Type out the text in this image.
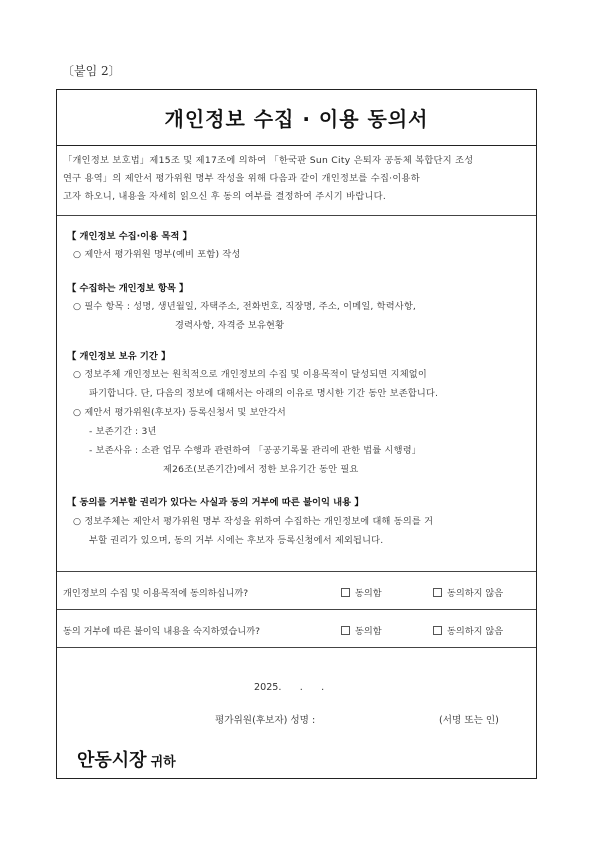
〔붙임 2〕
개인정보 수집 · 이용 동의서
「개인정보 보호법」제15조 및 제17조에 의하여 「한국판 Sun City 은퇴자 공동체 복합단지 조성
연구 용역」의 제안서 평가위원 명부 작성을 위해 다음과 같이 개인정보를 수집·이용하
고자 하오니, 내용을 자세히 읽으신 후 동의 여부를 결정하여 주시기 바랍니다.
【 개인정보 수집·이용 목적 】
○ 제안서 평가위원 명부(예비 포함) 작성
【 수집하는 개인정보 항목 】
○ 필수 항목 : 성명, 생년월일, 자택주소, 전화번호, 직장명, 주소, 이메일, 학력사항,
경력사항, 자격증 보유현황
【 개인정보 보유 기간 】
○ 정보주체 개인정보는 원칙적으로 개인정보의 수집 및 이용목적이 달성되면 지체없이
파기합니다. 단, 다음의 정보에 대해서는 아래의 이유로 명시한 기간 동안 보존합니다.
○ 제안서 평가위원(후보자) 등록신청서 및 보안각서
- 보존기간 : 3년
- 보존사유 : 소관 업무 수행과 관련하여 「공공기록물 관리에 관한 법률 시행령」
제26조(보존기간)에서 정한 보유기간 동안 필요
【 동의를 거부할 권리가 있다는 사실과 동의 거부에 따른 불이익 내용 】
○ 정보주체는 제안서 평가위원 명부 작성을 위하여 수집하는 개인정보에 대해 동의를 거
부할 권리가 있으며, 동의 거부 시에는 후보자 등록신청에서 제외됩니다.
개인정보의 수집 및 이용목적에 동의하십니까?	동의함	동의하지 않음
동의 거부에 따른 불이익 내용을 숙지하였습니까?	동의함	동의하지 않음
2025.      .      .
평가위원(후보자) 성명 :	(서명 또는 인)
안동시장 귀하
